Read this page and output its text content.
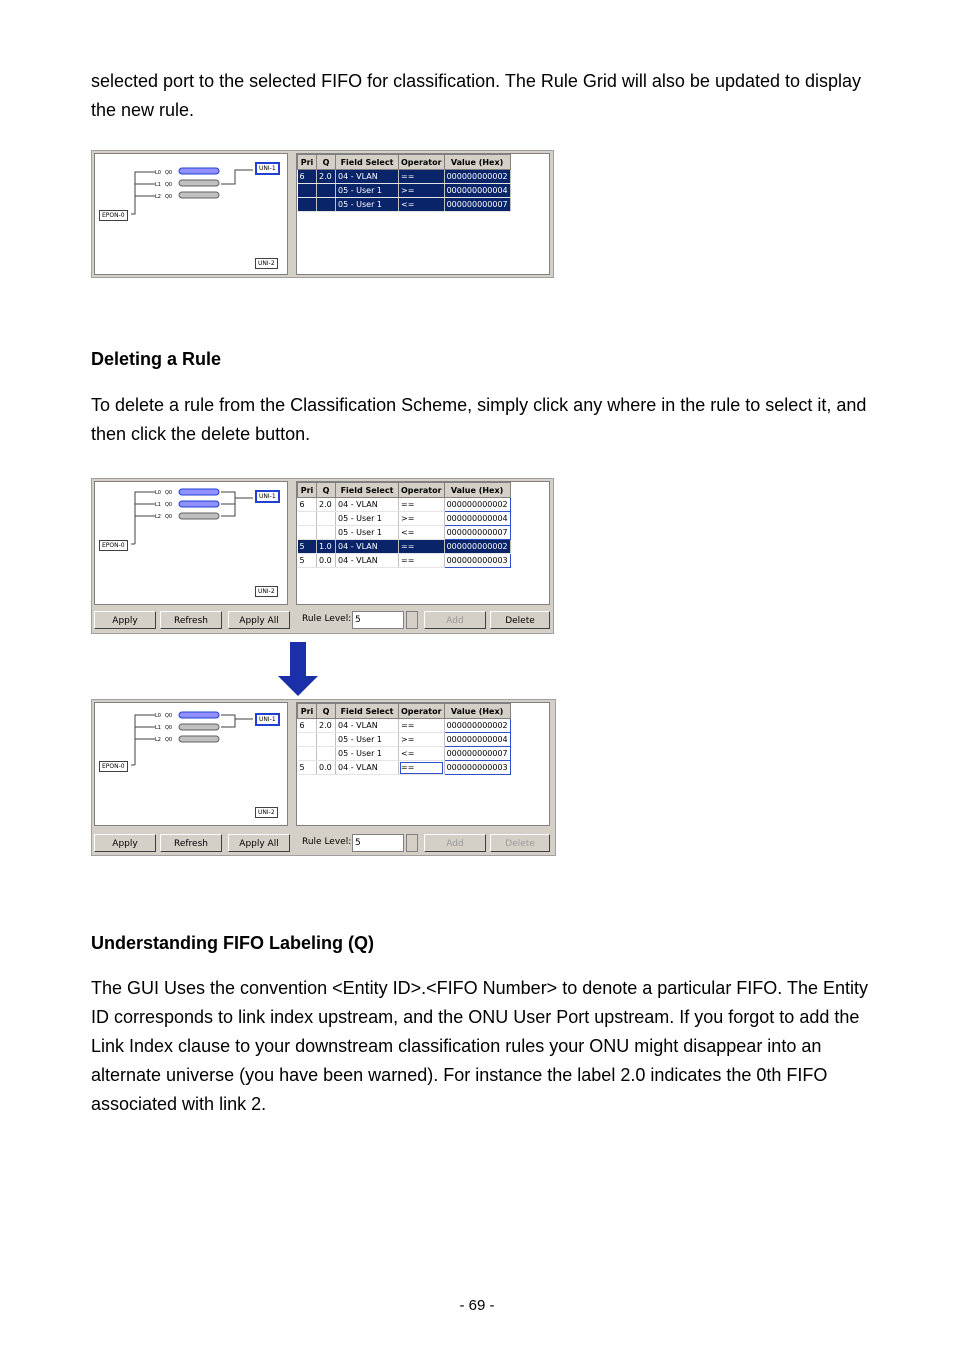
selected port to the selected FIFO for classification. The Rule Grid will also be updated to display the new rule.

L0
L1
L2
Q0
Q0
Q0
UNI-1
EPON-0
UNI-2
Pri	Q	Field Select	Operator	Value (Hex)
6	2.0	04 - VLAN	==	000000000002
		05 - User 1	>=	000000000004
		05 - User 1	<=	000000000007
Deleting a Rule

To delete a rule from the Classification Scheme, simply click any where in the rule to select it, and then click the delete button.

L0
L1
L2
Q0
Q0
Q0
UNI-1
EPON-0
UNI-2
Pri	Q	Field Select	Operator	Value (Hex)
6	2.0	04 - VLAN	==	000000000002
		05 - User 1	>=	000000000004
		05 - User 1	<=	000000000007
5	1.0	04 - VLAN	==	000000000002
5	0.0	04 - VLAN	==	000000000003
Apply	Refresh	Apply All	Rule Level: 5	Add	Delete
L0
L1
L2
Q0
Q0
Q0
UNI-1
EPON-0
UNI-2
Pri	Q	Field Select	Operator	Value (Hex)
6	2.0	04 - VLAN	==	000000000002
		05 - User 1	>=	000000000004
		05 - User 1	<=	000000000007
5	0.0	04 - VLAN	==	000000000003
Apply	Refresh	Apply All	Rule Level: 5	Add	Delete
Understanding FIFO Labeling (Q)

The GUI Uses the convention <Entity ID>.<FIFO Number> to denote a particular FIFO. The Entity ID corresponds to link index upstream, and the ONU User Port upstream. If you forgot to add the Link Index clause to your downstream classification rules your ONU might disappear into an alternate universe (you have been warned). For instance the label 2.0 indicates the 0th FIFO associated with link 2.

- 69 -
